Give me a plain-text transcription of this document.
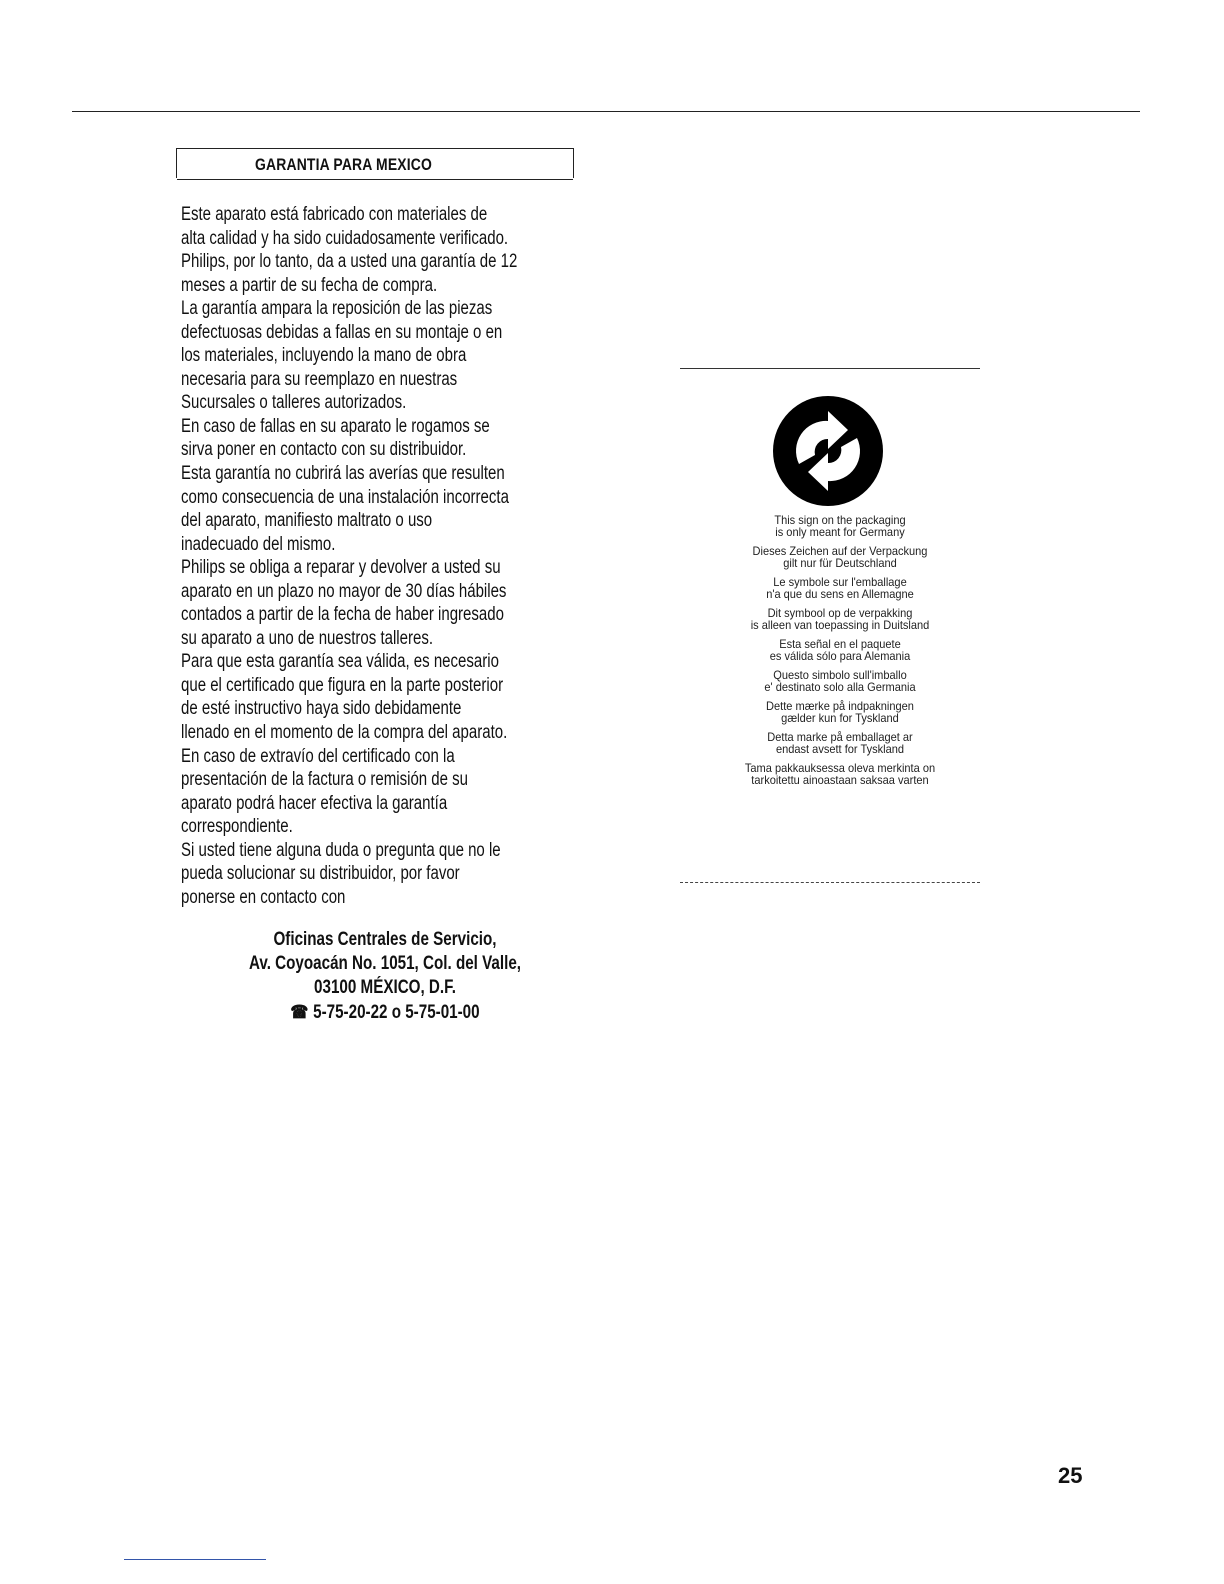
GARANTIA PARA MEXICO
Este aparato está fabricado con materiales de
alta calidad y ha sido cuidadosamente verificado.
Philips, por lo tanto, da a usted una garantía de 12
meses a partir de su fecha de compra.
La garantía ampara la reposición de las piezas
defectuosas debidas a fallas en su montaje o en
los materiales, incluyendo la mano de obra
necesaria para su reemplazo en nuestras
Sucursales o talleres autorizados.
En caso de fallas en su aparato le rogamos se
sirva poner en contacto con su distribuidor.
Esta garantía no cubrirá las averías que resulten
como consecuencia de una instalación incorrecta
del aparato, manifiesto maltrato o uso
inadecuado del mismo.
Philips se obliga a reparar y devolver a usted su
aparato en un plazo no mayor de 30 días hábiles
contados a partir de la fecha de haber ingresado
su aparato a uno de nuestros talleres.
Para que esta garantía sea válida, es necesario
que el certificado que figura en la parte posterior
de esté instructivo haya sido debidamente
llenado en el momento de la compra del aparato.
En caso de extravío del certificado con la
presentación de la factura o remisión de su
aparato podrá hacer efectiva la garantía
correspondiente.
Si usted tiene alguna duda o pregunta que no le
pueda solucionar su distribuidor, por favor
ponerse en contacto con
Oficinas Centrales de Servicio,
Av. Coyoacán No. 1051, Col. del Valle,
03100 MÉXICO, D.F.
☎ 5-75-20-22 o 5-75-01-00
This sign on the packaging
is only meant for Germany
Dieses Zeichen auf der Verpackung
gilt nur für Deutschland
Le symbole sur l'emballage
n'a que du sens en Allemagne
Dit symbool op de verpakking
is alleen van toepassing in Duitsland
Esta señal en el paquete
es válida sólo para Alemania
Questo simbolo sull'imballo
e' destinato solo alla Germania
Dette mærke på indpakningen
gælder kun for Tyskland
Detta marke på emballaget ar
endast avsett for Tyskland
Tama pakkauksessa oleva merkinta on
tarkoitettu ainoastaan saksaa varten
25
